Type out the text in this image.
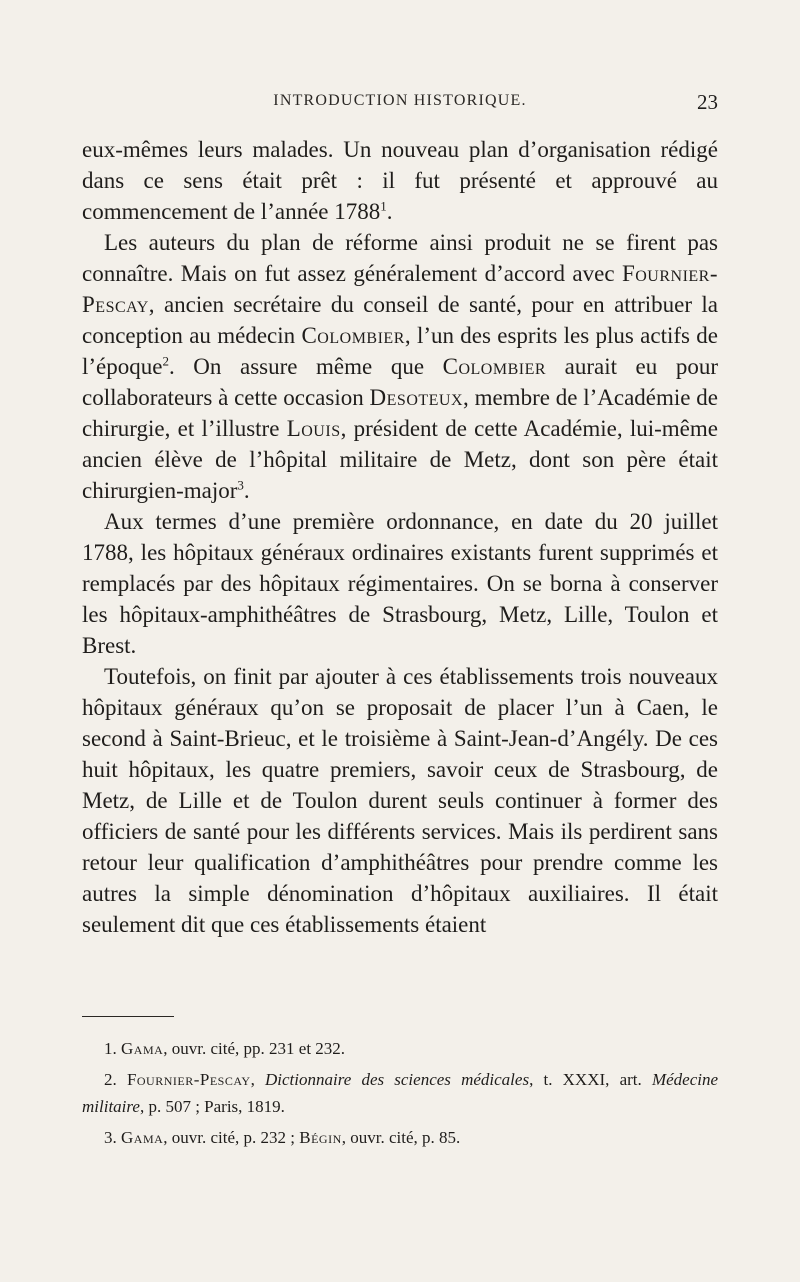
INTRODUCTION HISTORIQUE.	23

eux-mêmes leurs malades. Un nouveau plan d’organisation rédigé dans ce sens était prêt : il fut présenté et approuvé au commencement de l’année 1788$^1$.

Les auteurs du plan de réforme ainsi produit ne se firent pas connaître. Mais on fut assez généralement d’accord avec Fournier-Pescay, ancien secrétaire du conseil de santé, pour en attribuer la conception au médecin Colombier, l’un des esprits les plus actifs de l’époque$^2$. On assure même que Colombier aurait eu pour collaborateurs à cette occasion Desoteux, membre de l’Académie de chirurgie, et l’illustre Louis, président de cette Académie, lui-même ancien élève de l’hôpital militaire de Metz, dont son père était chirurgien-major$^3$.

Aux termes d’une première ordonnance, en date du 20 juillet 1788, les hôpitaux généraux ordinaires existants furent supprimés et remplacés par des hôpitaux régimentaires. On se borna à conserver les hôpitaux-amphithéâtres de Strasbourg, Metz, Lille, Toulon et Brest.

Toutefois, on finit par ajouter à ces établissements trois nouveaux hôpitaux généraux qu’on se proposait de placer l’un à Caen, le second à Saint-Brieuc, et le troisième à Saint-Jean-d’Angély. De ces huit hôpitaux, les quatre premiers, savoir ceux de Strasbourg, de Metz, de Lille et de Toulon durent seuls continuer à former des officiers de santé pour les différents services. Mais ils perdirent sans retour leur qualification d’amphithéâtres pour prendre comme les autres la simple dénomination d’hôpitaux auxiliaires. Il était seulement dit que ces établissements étaient

1. Gama, ouvr. cité, pp. 231 et 232.

2. Fournier-Pescay, Dictionnaire des sciences médicales, t. XXXI, art. Médecine militaire, p. 507 ; Paris, 1819.

3. Gama, ouvr. cité, p. 232 ; Bégin, ouvr. cité, p. 85.
